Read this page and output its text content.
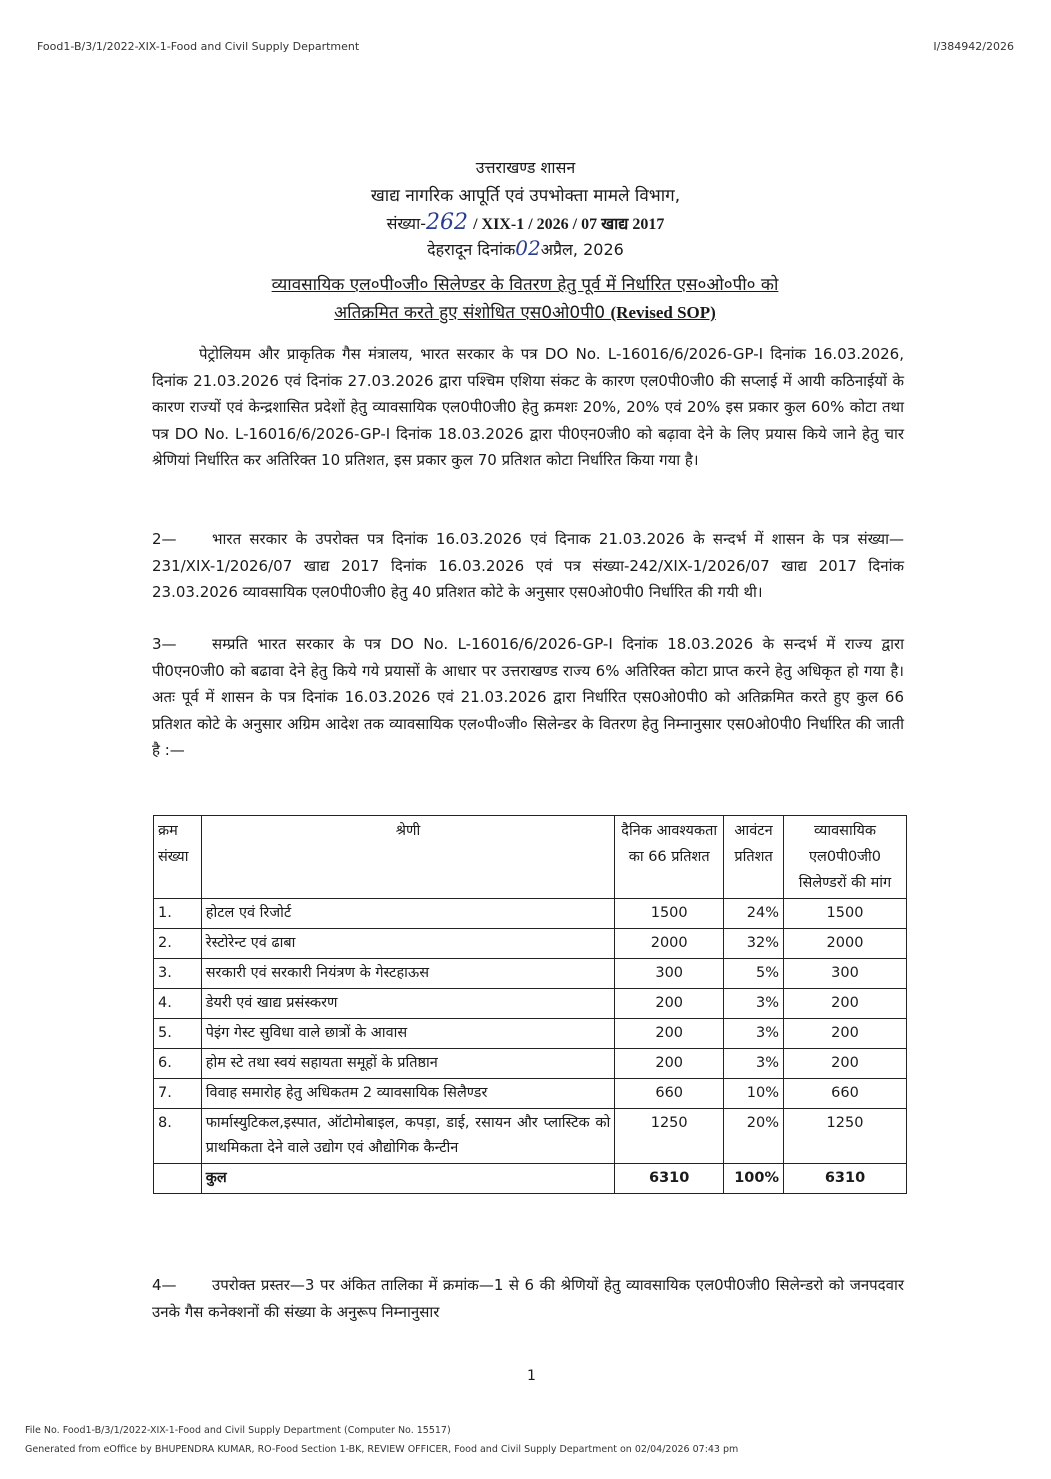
Food1-B/3/1/2022-XIX-1-Food and Civil Supply Department	I/384942/2026
उत्तराखण्ड शासन
खाद्य नागरिक आपूर्ति एवं उपभोक्ता मामले विभाग,
संख्या-262 / XIX-1 / 2026 / 07 खाद्य 2017
देहरादून दिनांक02अप्रैल, 2026
व्यावसायिक एल०पी०जी० सिलेण्डर के वितरण हेतु पूर्व में निर्धारित एस०ओ०पी० को
अतिक्रमित करते हुए संशोधित एस0ओ0पी0 (Revised SOP)
पेट्रोलियम और प्राकृतिक गैस मंत्रालय, भारत सरकार के पत्र DO No. L-16016/6/2026-GP-I दिनांक 16.03.2026, दिनांक 21.03.2026 एवं दिनांक 27.03.2026 द्वारा पश्चिम एशिया संकट के कारण एल0पी0जी0 की सप्लाई में आयी कठिनाईयों के कारण राज्यों एवं केन्द्रशासित प्रदेशों हेतु व्यावसायिक एल0पी0जी0 हेतु क्रमशः 20%, 20% एवं 20% इस प्रकार कुल 60% कोटा तथा पत्र DO No. L-16016/6/2026-GP-I दिनांक 18.03.2026 द्वारा पी0एन0जी0 को बढ़ावा देने के लिए प्रयास किये जाने हेतु चार श्रेणियां निर्धारित कर अतिरिक्त 10 प्रतिशत, इस प्रकार कुल 70 प्रतिशत कोटा निर्धारित किया गया है।
2— भारत सरकार के उपरोक्त पत्र दिनांक 16.03.2026 एवं दिनाक 21.03.2026 के सन्दर्भ में शासन के पत्र संख्या—231/XIX-1/2026/07 खाद्य 2017 दिनांक 16.03.2026 एवं पत्र संख्या-242/XIX-1/2026/07 खाद्य 2017 दिनांक 23.03.2026 व्यावसायिक एल0पी0जी0 हेतु 40 प्रतिशत कोटे के अनुसार एस0ओ0पी0 निर्धारित की गयी थी।
3— सम्प्रति भारत सरकार के पत्र DO No. L-16016/6/2026-GP-I दिनांक 18.03.2026 के सन्दर्भ में राज्य द्वारा पी0एन0जी0 को बढावा देने हेतु किये गये प्रयासों के आधार पर उत्तराखण्ड राज्य 6% अतिरिक्त कोटा प्राप्त करने हेतु अधिकृत हो गया है। अतः पूर्व में शासन के पत्र दिनांक 16.03.2026 एवं 21.03.2026 द्वारा निर्धारित एस0ओ0पी0 को अतिक्रमित करते हुए कुल 66 प्रतिशत कोटे के अनुसार अग्रिम आदेश तक व्यावसायिक एल०पी०जी० सिलेन्डर के वितरण हेतु निम्नानुसार एस0ओ0पी0 निर्धारित की जाती है :—
क्रम संख्या	श्रेणी	दैनिक आवश्यकता का 66 प्रतिशत	आवंटन प्रतिशत	व्यावसायिक एल0पी0जी0 सिलेण्डरों की मांग
1.	होटल एवं रिजोर्ट	1500	24%	1500
2.	रेस्टोरेन्ट एवं ढाबा	2000	32%	2000
3.	सरकारी एवं सरकारी नियंत्रण के गेस्टहाऊस	300	5%	300
4.	डेयरी एवं खाद्य प्रसंस्करण	200	3%	200
5.	पेइंग गेस्ट सुविधा वाले छात्रों के आवास	200	3%	200
6.	होम स्टे तथा स्वयं सहायता समूहों के प्रतिष्ठान	200	3%	200
7.	विवाह समारोह हेतु अधिकतम 2 व्यावसायिक सिलैण्डर	660	10%	660
8.	फार्मास्युटिकल,इस्पात, ऑटोमोबाइल, कपड़ा, डाई, रसायन और प्लास्टिक को प्राथमिकता देने वाले उद्योग एवं औद्योगिक कैन्टीन	1250	20%	1250
	कुल	6310	100%	6310
4— उपरोक्त प्रस्तर—3 पर अंकित तालिका में क्रमांक—1 से 6 की श्रेणियों हेतु व्यावसायिक एल0पी0जी0 सिलेन्डरो को जनपदवार उनके गैस कनेक्शनों की संख्या के अनुरूप निम्नानुसार
1
File No. Food1-B/3/1/2022-XIX-1-Food and Civil Supply Department (Computer No. 15517)
Generated from eOffice by BHUPENDRA KUMAR, RO-Food Section 1-BK, REVIEW OFFICER, Food and Civil Supply Department on 02/04/2026 07:43 pm
